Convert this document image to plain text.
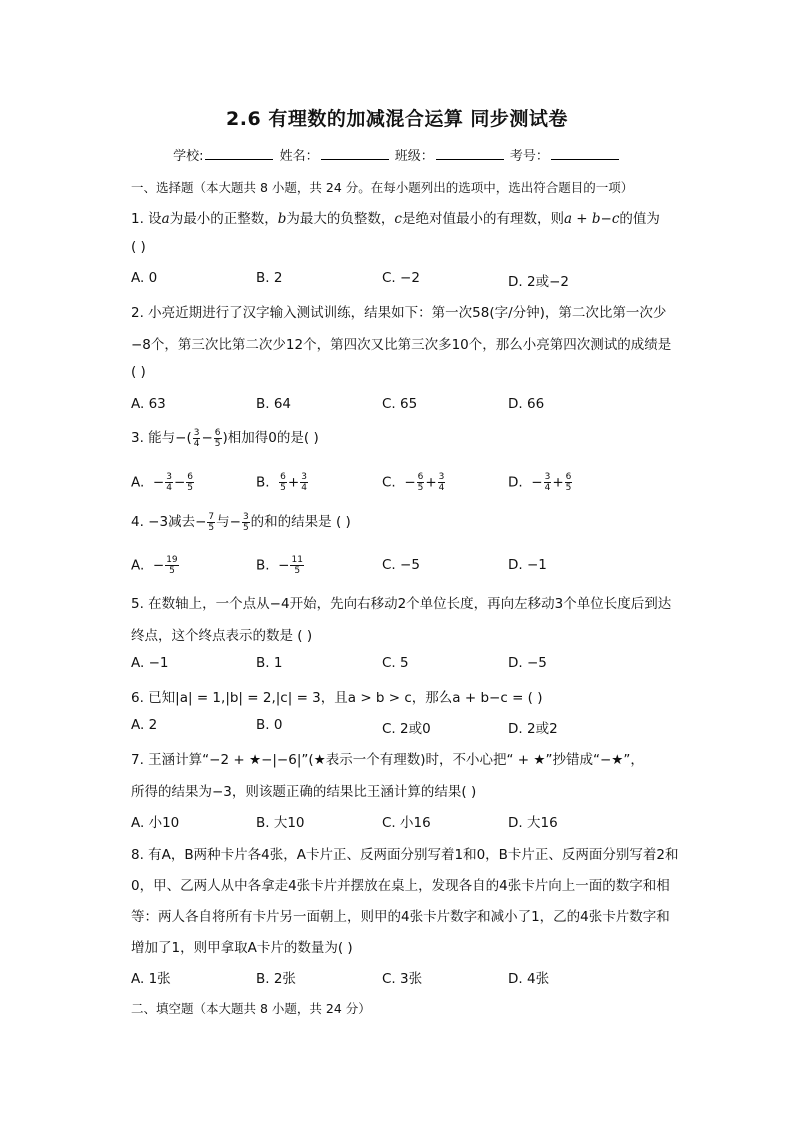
2.6 有理数的加减混合运算 同步测试卷
学校:	姓名：	班级：	考号：
一、选择题（本大题共 8 小题，共 24 分。在每小题列出的选项中，选出符合题目的一项）
1. 设a为最小的正整数，b为最大的负整数，c是绝对值最小的有理数，则a + b−c的值为
( )
A. 0	B. 2	C. −2	D. 2或−2
2. 小亮近期进行了汉字输入测试训练，结果如下：第一次58(字/分钟)，第二次比第一次少
−8个，第三次比第二次少12个，第四次又比第三次多10个，那么小亮第四次测试的成绩是
( )
A. 63	B. 64	C. 65	D. 66
3. 能与−( $\frac{3}{4} - \frac{6}{5}$ )相加得0的是( )
A. − $\frac{3}{4} - \frac{6}{5}$	B. $\frac{6}{5} + \frac{3}{4}$	C. − $\frac{6}{5} + \frac{3}{4}$	D. − $\frac{3}{4} + \frac{6}{5}$
4. −3减去− $\frac{7}{5}$ 与− $\frac{3}{5}$ 的和的结果是 ( )
A. − $\frac{19}{5}$	B. − $\frac{11}{5}$	C. −5	D. −1
5. 在数轴上，一个点从−4开始，先向右移动2个单位长度，再向左移动3个单位长度后到达
终点，这个终点表示的数是 ( )
A. −1	B. 1	C. 5	D. −5
6. 已知|a| = 1,|b| = 2,|c| = 3，且a > b > c，那么a + b−c = ( )
A. 2	B. 0	C. 2或0	D. 2或2
7. 王涵计算“−2 + ★−|−6|”(★表示一个有理数)时，不小心把“ + ★”抄错成“−★”，
所得的结果为−3，则该题正确的结果比王涵计算的结果( )
A. 小10	B. 大10	C. 小16	D. 大16
8. 有A，B两种卡片各4张，A卡片正、反两面分别写着1和0，B卡片正、反两面分别写着2和
0，甲、乙两人从中各拿走4张卡片并摆放在桌上，发现各自的4张卡片向上一面的数字和相
等：两人各自将所有卡片另一面朝上，则甲的4张卡片数字和减小了1，乙的4张卡片数字和
增加了1，则甲拿取A卡片的数量为( )
A. 1张	B. 2张	C. 3张	D. 4张
二、填空题（本大题共 8 小题，共 24 分）
